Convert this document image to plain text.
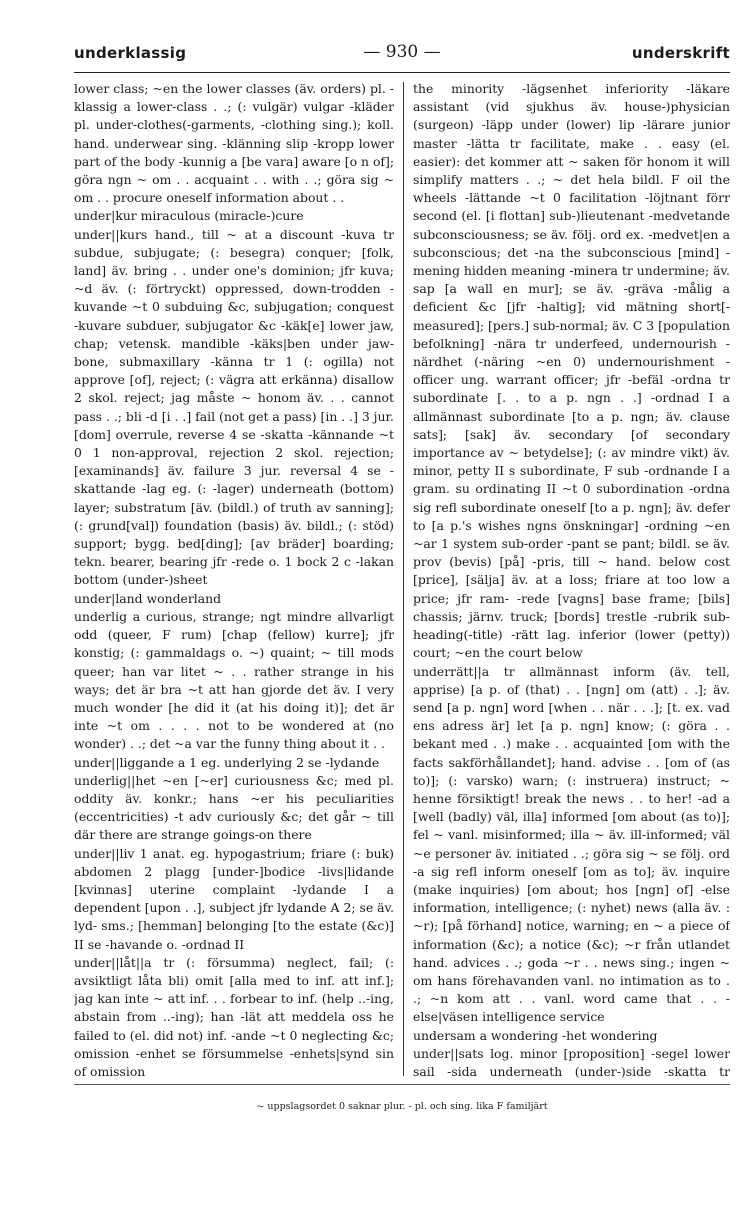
underklassig	— 930 —	underskrift

lower class; ~en the lower classes (äv. orders) pl. -klassig a lower-class . .; (: vulgär) vulgar -kläder pl. under-clothes(-garments, -clothing sing.); koll. hand. underwear sing. -klänning slip -kropp lower part of the body -kunnig a [be vara] aware [o n of]; göra ngn ~ om . . acquaint . . with . .; göra sig ~ om . . procure oneself information about . .

under|kur miraculous (miracle-)cure

under||kurs hand., till ~ at a discount -kuva tr subdue, subjugate; (: besegra) conquer; [folk, land] äv. bring . . under one's dominion; jfr kuva; ~d äv. (: förtryckt) oppressed, down-trodden -kuvande ~t 0 subduing &c, subjugation; conquest -kuvare subduer, subjugator &c -käk[e] lower jaw, chap; vetensk. mandible -käks|ben under jaw-bone, submaxillary -känna tr 1 (: ogilla) not approve [of], reject; (: vägra att erkänna) disallow 2 skol. reject; jag måste ~ honom äv. . . cannot pass . .; bli -d [i . .] fail (not get a pass) [in . .] 3 jur. [dom] overrule, reverse 4 se -skatta -kännande ~t 0 1 non-approval, rejection 2 skol. rejection; [examinands] äv. failure 3 jur. reversal 4 se -skattande -lag eg. (: -lager) underneath (bottom) layer; substratum [äv. (bildl.) of truth av sanning]; (: grund[val]) foundation (basis) äv. bildl.; (: stöd) support; bygg. bed[ding]; [av bräder] boarding; tekn. bearer, bearing jfr -rede o. 1 bock 2 c -lakan bottom (under-)sheet

under|land wonderland

underlig a curious, strange; ngt mindre allvarligt odd (queer, F rum) [chap (fellow) kurre]; jfr konstig; (: gammaldags o. ~) quaint; ~ till mods queer; han var litet ~ . . rather strange in his ways; det är bra ~t att han gjorde det äv. I very much wonder [he did it (at his doing it)]; det är inte ~t om . . . . not to be wondered at (no wonder) . .; det ~a var the funny thing about it . .

under||liggande a 1 eg. underlying 2 se -lydande

underlig||het ~en [~er] curiousness &c; med pl. oddity äv. konkr.; hans ~er his peculiarities (eccentricities) -t adv curiously &c; det går ~ till där there are strange goings-on there

under||liv 1 anat. eg. hypogastrium; friare (: buk) abdomen 2 plagg [under-]bodice -livs|lidande [kvinnas] uterine complaint -lydande I a dependent [upon . .], subject jfr lydande A 2; se äv. lyd- sms.; [hemman] belonging [to the estate (&c)] II se -havande o. -ordnad II

under||låt||a tr (: försumma) neglect, fail; (: avsiktligt låta bli) omit [alla med to inf. att inf.]; jag kan inte ~ att inf. . . forbear to inf. (help ..-ing, abstain from ..-ing); han -lät att meddela oss he failed to (el. did not) inf. -ande ~t 0 neglecting &c; omission -enhet se försummelse -enhets|synd sin of omission

the minority -lägsenhet inferiority -läkare assistant (vid sjukhus äv. house-)physician (surgeon) -läpp under (lower) lip -lärare junior master -lätta tr facilitate, make . . easy (el. easier): det kommer att ~ saken för honom it will simplify matters . .; ~ det hela bildl. F oil the wheels -lättande ~t 0 facilitation -löjtnant förr second (el. [i flottan] sub-)lieutenant -medvetande subconsciousness; se äv. följ. ord ex. -medvet|en a subconscious; det -na the subconscious [mind] -mening hidden meaning -minera tr undermine; äv. sap [a wall en mur]; se äv. -gräva -målig a deficient &c [jfr -haltig]; vid mätning short[-measured]; [pers.] sub-normal; äv. C 3 [population befolkning] -nära tr underfeed, undernourish -närdhet (-näring ~en 0) undernourishment -officer ung. warrant officer; jfr -befäl -ordna tr subordinate [. . to a p. ngn . .] -ordnad I a allmännast subordinate [to a p. ngn; äv. clause sats]; [sak] äv. secondary [of secondary importance av ~ betydelse]; (: av mindre vikt) äv. minor, petty II s subordinate, F sub -ordnande I a gram. su ordinating II ~t 0 subordination -ordna sig refl subordinate oneself [to a p. ngn]; äv. defer to [a p.'s wishes ngns önskningar] -ordning ~en ~ar 1 system sub-order -pant se pant; bildl. se äv. prov (bevis) [på] -pris, till ~ hand. below cost [price], [sälja] äv. at a loss; friare at too low a price; jfr ram- -rede [vagns] base frame; [bils] chassis; järnv. truck; [bords] trestle -rubrik sub-heading(-title) -rätt lag. inferior (lower (petty)) court; ~en the court below

underrätt||a tr allmännast inform (äv. tell, apprise) [a p. of (that) . . [ngn] om (att) . .]; äv. send [a p. ngn] word [when . . när . . .]; [t. ex. vad ens adress är] let [a p. ngn] know; (: göra . . bekant med . .) make . . acquainted [om with the facts sakförhållandet]; hand. advise . . [om of (as to)]; (: varsko) warn; (: instruera) instruct; ~ henne försiktigt! break the news . . to her! -ad a [well (badly) väl, illa] informed [om about (as to)]; fel ~ vanl. misinformed; illa ~ äv. ill-informed; väl ~e personer äv. initiated . .; göra sig ~ se följ. ord -a sig refl inform oneself [om as to]; äv. inquire (make inquiries) [om about; hos [ngn] of] -else information, intelligence; (: nyhet) news (alla äv. : ~r); [på förhand] notice, warning; en ~ a piece of information (&c); a notice (&c); ~r från utlandet hand. advices . .; goda ~r . . news sing.; ingen ~ om hans förehavanden vanl. no intimation as to . .; ~n kom att . . vanl. word came that . . -else|väsen intelligence service

undersam a wondering -het wondering

under||sats log. minor [proposition] -segel lower sail -sida underneath (under-)side -skatta tr

~ uppslagsordet 0 saknar plur. - pl. och sing. lika F familjärt
